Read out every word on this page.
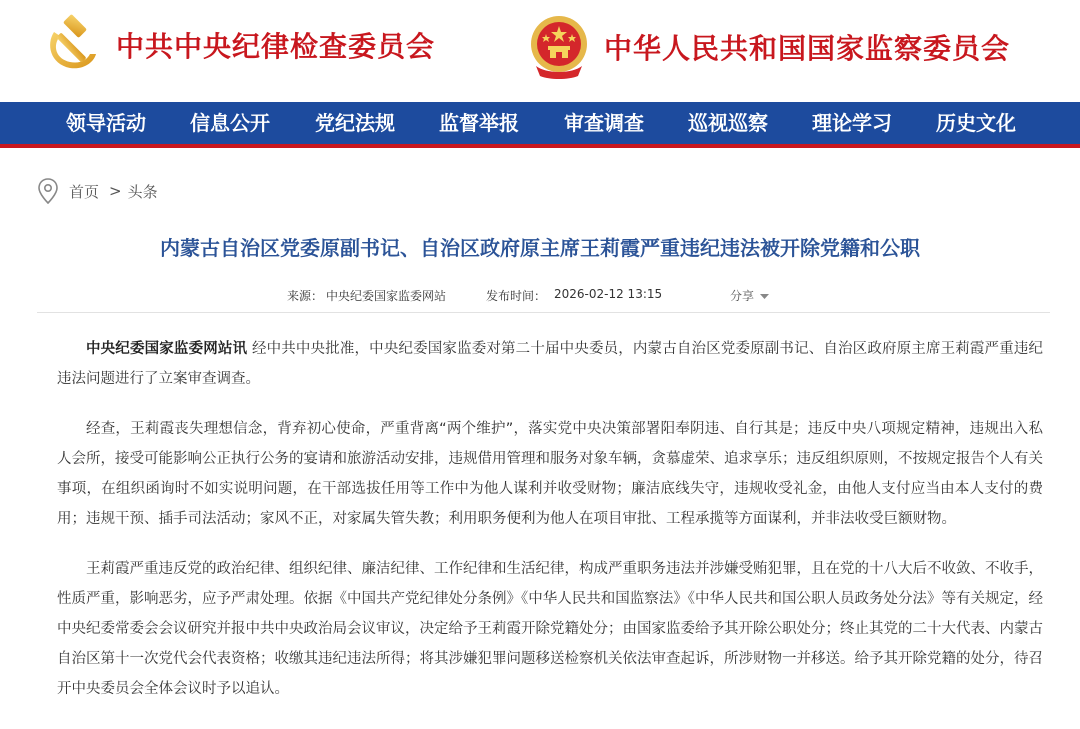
中共中央纪律检查委员会	中华人民共和国国家监察委员会
领导活动 信息公开 党纪法规 监督举报 审查调查 巡视巡察 理论学习 历史文化
首页 > 头条
内蒙古自治区党委原副书记、自治区政府原主席王莉霞严重违纪违法被开除党籍和公职
来源： 中央纪委国家监委网站	发布时间： 2026-02-12 13:15	分享

中央纪委国家监委网站讯 经中共中央批准，中央纪委国家监委对第二十届中央委员，内蒙古自治区党委原副书记、自治区政府原主席王莉霞严重违纪违法问题进行了立案审查调查。

经查，王莉霞丧失理想信念，背弃初心使命，严重背离“两个维护”，落实党中央决策部署阳奉阴违、自行其是；违反中央八项规定精神，违规出入私人会所，接受可能影响公正执行公务的宴请和旅游活动安排，违规借用管理和服务对象车辆，贪慕虚荣、追求享乐；违反组织原则，不按规定报告个人有关事项，在组织函询时不如实说明问题，在干部选拔任用等工作中为他人谋利并收受财物；廉洁底线失守，违规收受礼金，由他人支付应当由本人支付的费用；违规干预、插手司法活动；家风不正，对家属失管失教；利用职务便利为他人在项目审批、工程承揽等方面谋利，并非法收受巨额财物。

王莉霞严重违反党的政治纪律、组织纪律、廉洁纪律、工作纪律和生活纪律，构成严重职务违法并涉嫌受贿犯罪，且在党的十八大后不收敛、不收手，性质严重，影响恶劣，应予严肃处理。依据《中国共产党纪律处分条例》《中华人民共和国监察法》《中华人民共和国公职人员政务处分法》等有关规定，经中央纪委常委会会议研究并报中共中央政治局会议审议，决定给予王莉霞开除党籍处分；由国家监委给予其开除公职处分；终止其党的二十大代表、内蒙古自治区第十一次党代会代表资格；收缴其违纪违法所得；将其涉嫌犯罪问题移送检察机关依法审查起诉，所涉财物一并移送。给予其开除党籍的处分，待召开中央委员会全体会议时予以追认。
